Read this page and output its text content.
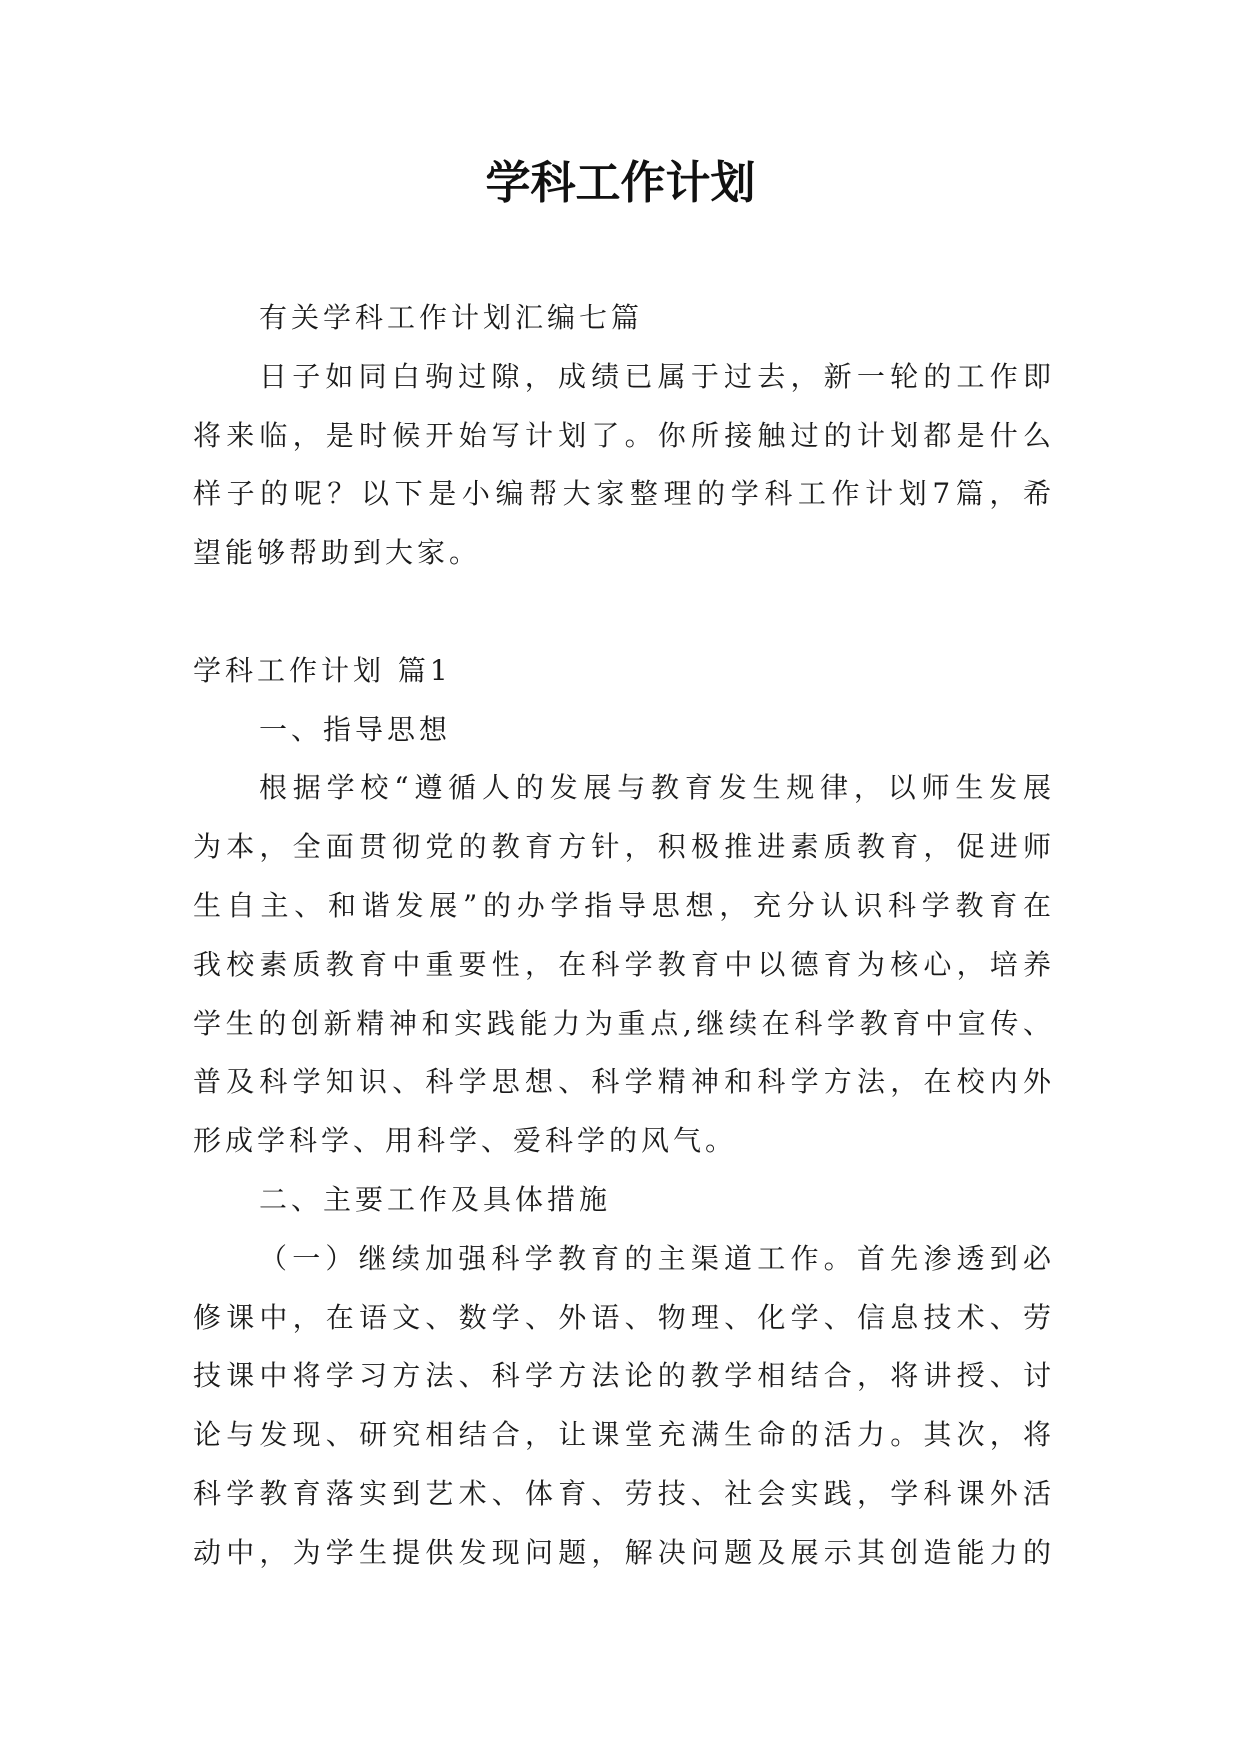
学科工作计划
有关学科工作计划汇编七篇
日子如同白驹过隙，成绩已属于过去，新一轮的工作即
将来临，是时候开始写计划了。你所接触过的计划都是什么
样子的呢？以下是小编帮大家整理的学科工作计划7篇，希
望能够帮助到大家。
学科工作计划 篇1
一、指导思想
根据学校“遵循人的发展与教育发生规律，以师生发展
为本，全面贯彻党的教育方针，积极推进素质教育，促进师
生自主、和谐发展”的办学指导思想，充分认识科学教育在
我校素质教育中重要性，在科学教育中以德育为核心，培养
学生的创新精神和实践能力为重点,继续在科学教育中宣传、
普及科学知识、科学思想、科学精神和科学方法，在校内外
形成学科学、用科学、爱科学的风气。
二、主要工作及具体措施
（一）继续加强科学教育的主渠道工作。首先渗透到必
修课中，在语文、数学、外语、物理、化学、信息技术、劳
技课中将学习方法、科学方法论的教学相结合，将讲授、讨
论与发现、研究相结合，让课堂充满生命的活力。其次，将
科学教育落实到艺术、体育、劳技、社会实践，学科课外活
动中，为学生提供发现问题，解决问题及展示其创造能力的
